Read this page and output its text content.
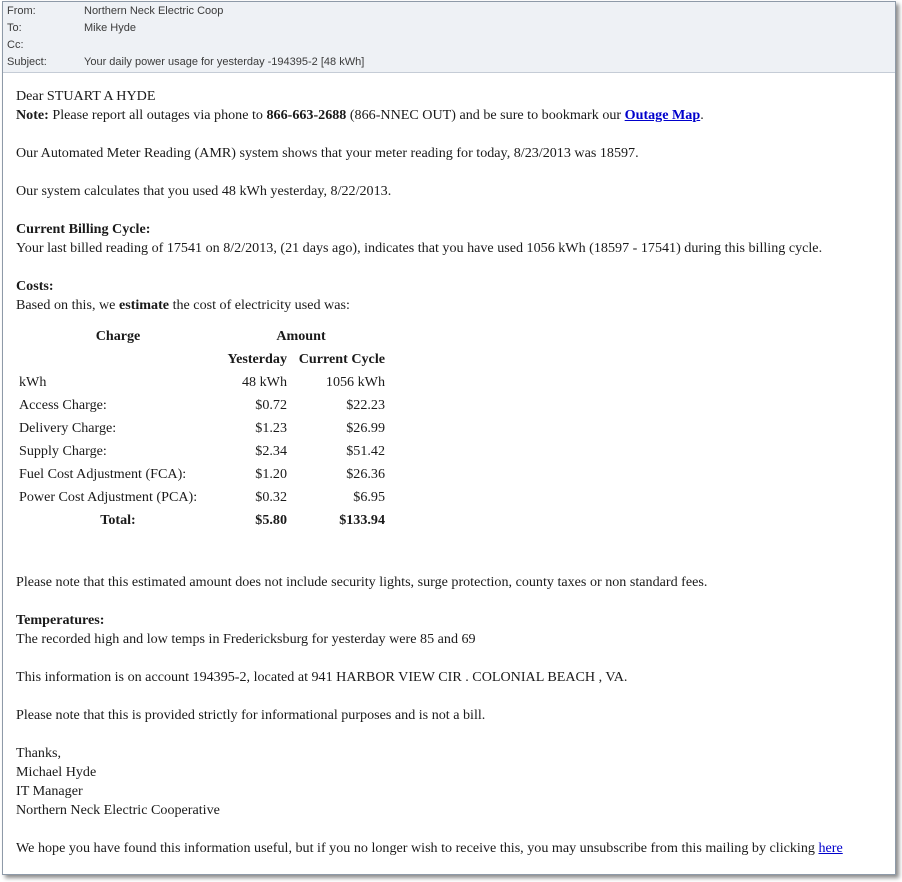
From:	Northern Neck Electric Coop
To:	Mike Hyde
Cc:
Subject:	Your daily power usage for yesterday -194395-2 [48 kWh]
Dear STUART A HYDE
Note: Please report all outages via phone to 866-663-2688 (866-NNEC OUT) and be sure to bookmark our Outage Map.
Our Automated Meter Reading (AMR) system shows that your meter reading for today, 8/23/2013 was 18597.
Our system calculates that you used 48 kWh yesterday, 8/22/2013.
Current Billing Cycle:
Your last billed reading of 17541 on 8/2/2013, (21 days ago), indicates that you have used 1056 kWh (18597 - 17541) during this billing cycle.
Costs:
Based on this, we estimate the cost of electricity used was:
Charge	Amount	
	Yesterday	Current Cycle
kWh	48 kWh	1056 kWh
Access Charge:	$0.72	$22.23
Delivery Charge:	$1.23	$26.99
Supply Charge:	$2.34	$51.42
Fuel Cost Adjustment (FCA):	$1.20	$26.36
Power Cost Adjustment (PCA):	$0.32	$6.95
Total:	$5.80	$133.94
Please note that this estimated amount does not include security lights, surge protection, county taxes or non standard fees.
Temperatures:
The recorded high and low temps in Fredericksburg for yesterday were 85 and 69
This information is on account 194395-2, located at 941 HARBOR VIEW CIR . COLONIAL BEACH , VA.
Please note that this is provided strictly for informational purposes and is not a bill.
Thanks,
Michael Hyde
IT Manager
Northern Neck Electric Cooperative
We hope you have found this information useful, but if you no longer wish to receive this, you may unsubscribe from this mailing by clicking here
